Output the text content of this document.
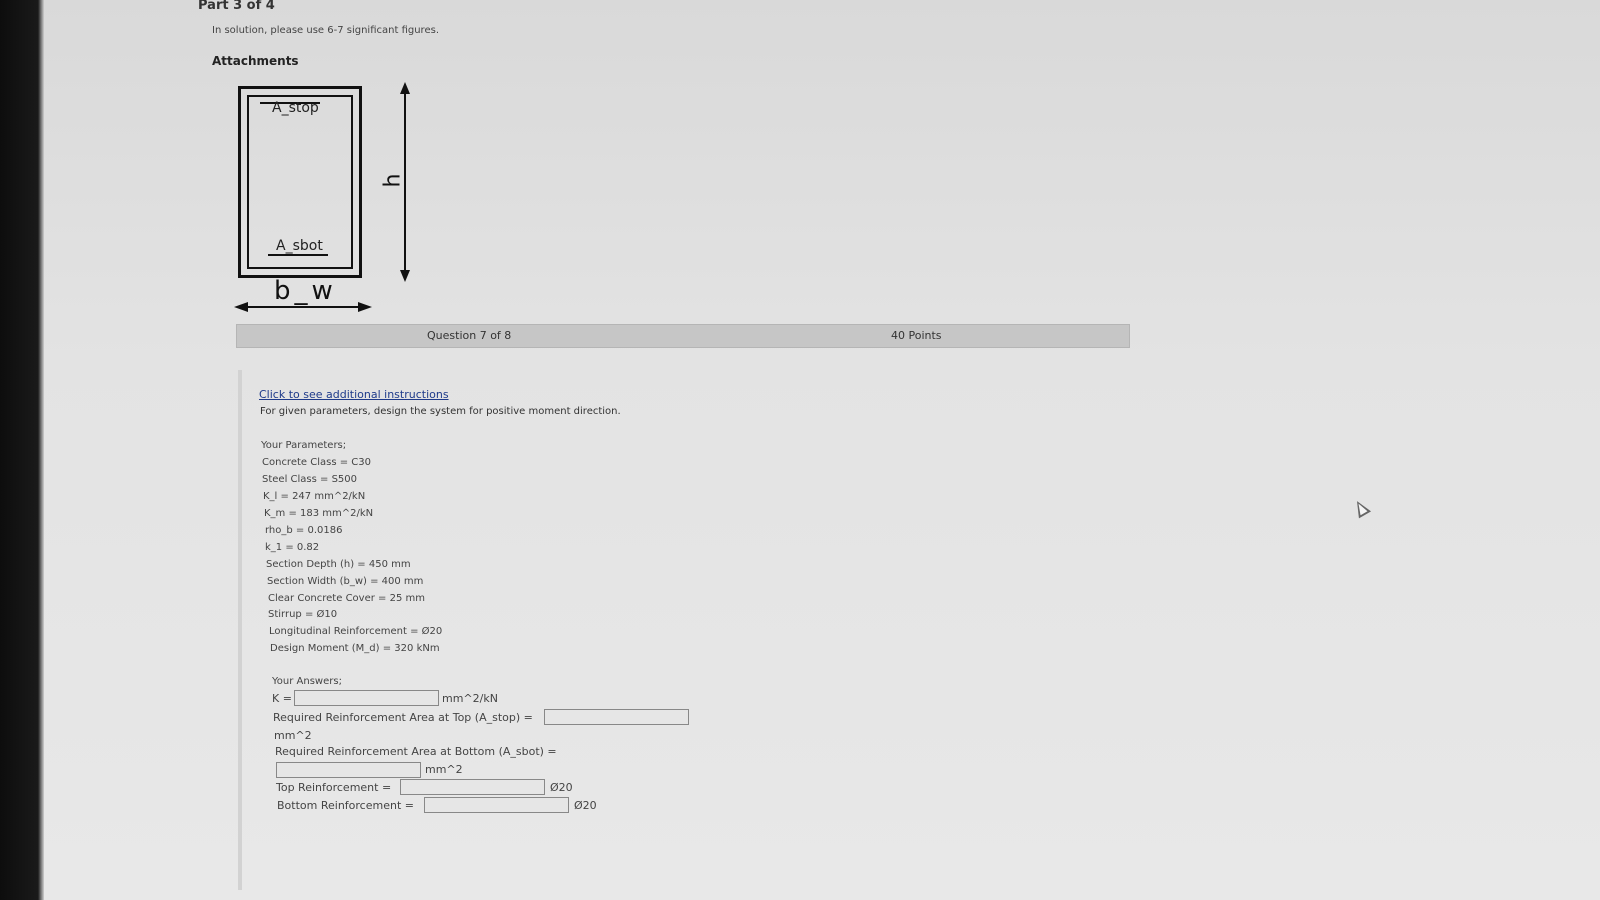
Part 3 of 4
In solution, please use 6-7 significant figures.
Attachments
A_stop
A_sbot
h
b_w
Question 7 of 8	40 Points
Click to see additional instructions
For given parameters, design the system for positive moment direction.
Your Parameters;
Concrete Class = C30
Steel Class = S500
K_l = 247 mm^2/kN
K_m = 183 mm^2/kN
rho_b = 0.0186
k_1 = 0.82
Section Depth (h) = 450 mm
Section Width (b_w) = 400 mm
Clear Concrete Cover = 25 mm
Stirrup = Ø10
Longitudinal Reinforcement = Ø20
Design Moment (M_d) = 320 kNm
Your Answers;
K =	mm^2/kN
Required Reinforcement Area at Top (A_stop) =
mm^2
Required Reinforcement Area at Bottom (A_sbot) =
mm^2
Top Reinforcement =	Ø20
Bottom Reinforcement =	Ø20
